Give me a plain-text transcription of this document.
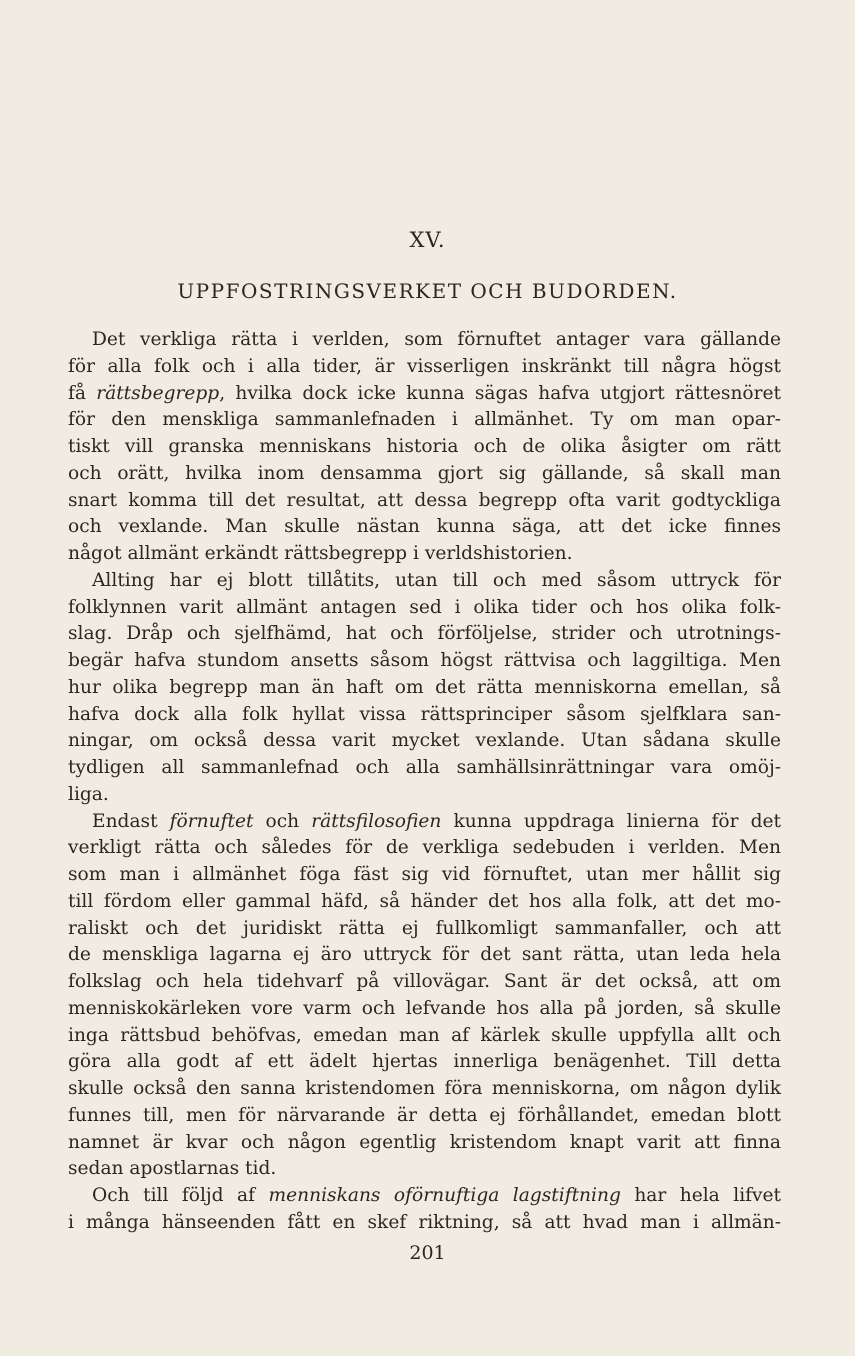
XV.
UPPFOSTRINGSVERKET OCH BUDORDEN.
Det verkliga rätta i verlden, som förnuftet antager vara gällande
för alla folk och i alla tider, är visserligen inskränkt till några högst
få rättsbegrepp, hvilka dock icke kunna sägas hafva utgjort rättesnöret
för den menskliga sammanlefnaden i allmänhet. Ty om man opar-
tiskt vill granska menniskans historia och de olika åsigter om rätt
och orätt, hvilka inom densamma gjort sig gällande, så skall man
snart komma till det resultat, att dessa begrepp ofta varit godtyckliga
och vexlande. Man skulle nästan kunna säga, att det icke finnes
något allmänt erkändt rättsbegrepp i verldshistorien.
Allting har ej blott tillåtits, utan till och med såsom uttryck för
folklynnen varit allmänt antagen sed i olika tider och hos olika folk-
slag. Dråp och sjelfhämd, hat och förföljelse, strider och utrotnings-
begär hafva stundom ansetts såsom högst rättvisa och laggiltiga. Men
hur olika begrepp man än haft om det rätta menniskorna emellan, så
hafva dock alla folk hyllat vissa rättsprinciper såsom sjelfklara san-
ningar, om också dessa varit mycket vexlande. Utan sådana skulle
tydligen all sammanlefnad och alla samhällsinrättningar vara omöj-
liga.
Endast förnuftet och rättsfilosofien kunna uppdraga linierna för det
verkligt rätta och således för de verkliga sedebuden i verlden. Men
som man i allmänhet föga fäst sig vid förnuftet, utan mer hållit sig
till fördom eller gammal häfd, så händer det hos alla folk, att det mo-
raliskt och det juridiskt rätta ej fullkomligt sammanfaller, och att
de menskliga lagarna ej äro uttryck för det sant rätta, utan leda hela
folkslag och hela tidehvarf på villovägar. Sant är det också, att om
menniskokärleken vore varm och lefvande hos alla på jorden, så skulle
inga rättsbud behöfvas, emedan man af kärlek skulle uppfylla allt och
göra alla godt af ett ädelt hjertas innerliga benägenhet. Till detta
skulle också den sanna kristendomen föra menniskorna, om någon dylik
funnes till, men för närvarande är detta ej förhållandet, emedan blott
namnet är kvar och någon egentlig kristendom knapt varit att finna
sedan apostlarnas tid.
Och till följd af menniskans oförnuftiga lagstiftning har hela lifvet
i många hänseenden fått en skef riktning, så att hvad man i allmän-
201
